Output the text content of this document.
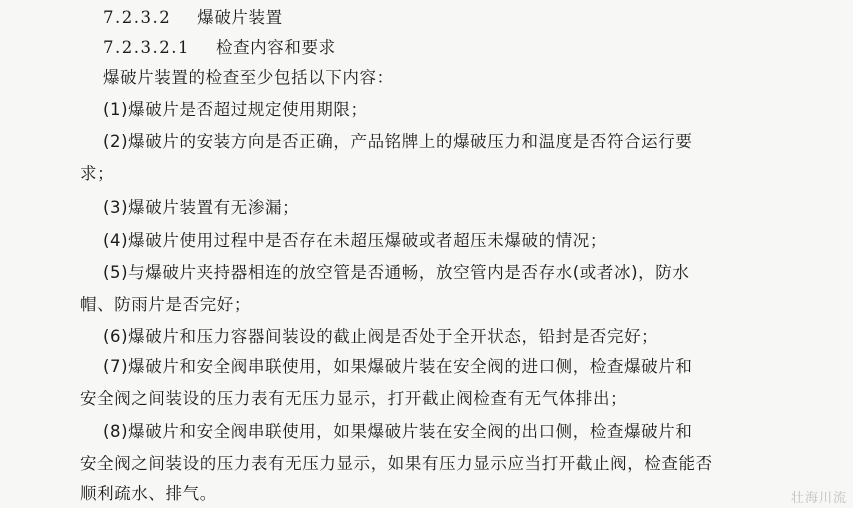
7.2.3.2 爆破片装置
7.2.3.2.1 检查内容和要求
爆破片装置的检查至少包括以下内容：
(1)爆破片是否超过规定使用期限；
(2)爆破片的安装方向是否正确，产品铭牌上的爆破压力和温度是否符合运行要
求；
(3)爆破片装置有无渗漏；
(4)爆破片使用过程中是否存在未超压爆破或者超压未爆破的情况；
(5)与爆破片夹持器相连的放空管是否通畅，放空管内是否存水(或者冰)，防水
帽、防雨片是否完好；
(6)爆破片和压力容器间装设的截止阀是否处于全开状态，铅封是否完好；
(7)爆破片和安全阀串联使用，如果爆破片装在安全阀的进口侧，检查爆破片和
安全阀之间装设的压力表有无压力显示，打开截止阀检查有无气体排出；
(8)爆破片和安全阀串联使用，如果爆破片装在安全阀的出口侧，检查爆破片和
安全阀之间装设的压力表有无压力显示，如果有压力显示应当打开截止阀，检查能否
顺利疏水、排气。	壮海川流
